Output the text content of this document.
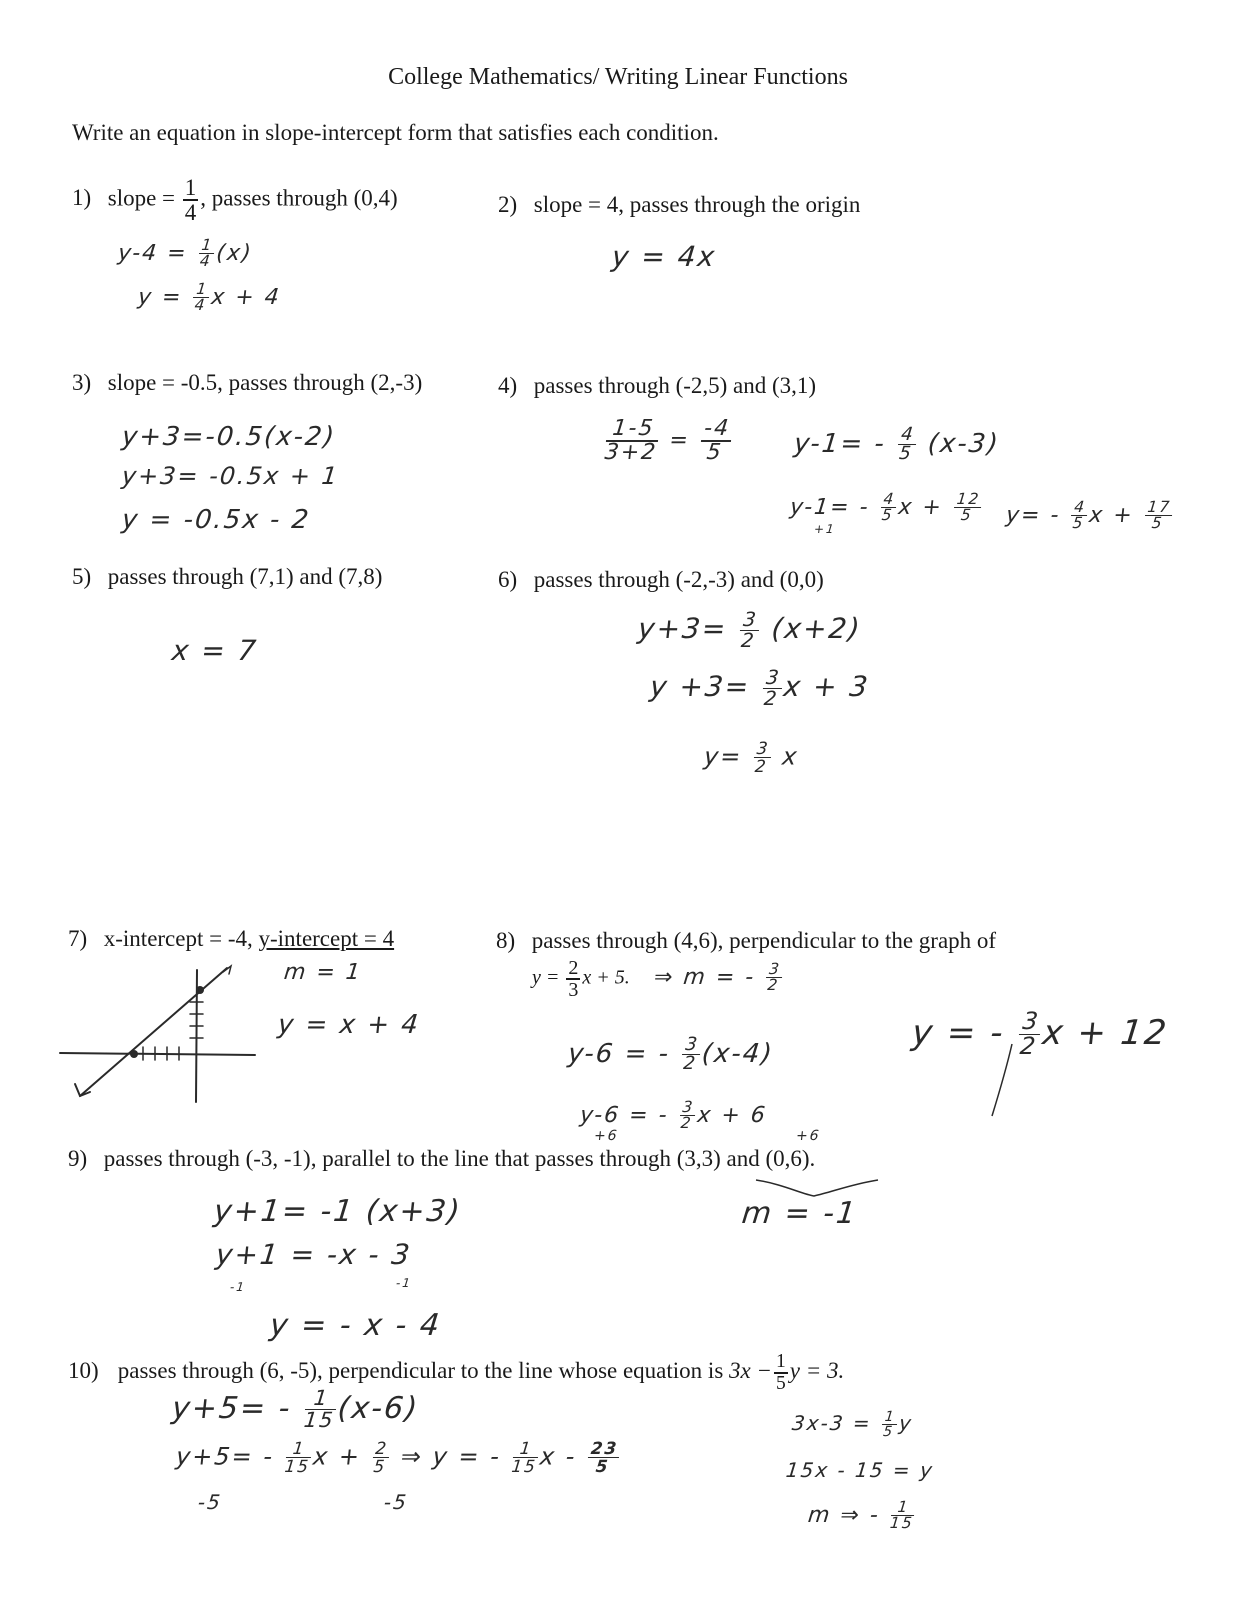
College Mathematics/ Writing Linear Functions
Write an equation in slope-intercept form that satisfies each condition.
1) slope = $\frac{1}{4}$ , passes through (0,4)
$y-4 = \frac{1}{4} (x)$
$y = \frac{1}{4}$ x + 4
2) slope = 4, passes through the origin
y = 4x
3) slope = -0.5, passes through (2,-3)
y+3=-0.5(x-2)
y+3= -0.5x + 1
y = -0.5x - 2
4) passes through (-2,5) and (3,1)
$\frac{1-5}{3+2} = \frac{-4}{5} y-1= - \frac{4}{5} (x-3)$
$y-1= - \frac{4}{5}$ $x + \frac{12}{5}$
+1
$y= - \frac{4}{5}$ $x + \frac{17}{5}$
5) passes through (7,1) and (7,8)
x = 7
6) passes through (-2,-3) and (0,0)
$y+3= \frac{3}{2} (x+2)$
$y +3= \frac{3}{2}$
x + 3
$y= \frac{3}{2}$ x
7) x-intercept = -4, y-intercept = 4
m = 1
y = x + 4
8) passes through (4,6), perpendicular to the graph of
$y = \frac{2}{3}$ x + 5. ⇒ m = - $\frac{3}{2}$
y-6 = - $\frac{3}{2}$
(x-4)
y-6 = - $\frac{3}{2}$ x + 6
+6	+6
y = - $\frac{3}{2}$
x + 12
9) passes through (-3, -1), parallel to the line that passes through (3,3) and (0,6).
y+1= -1 (x+3)
y+1 = -x - 3
-1	-1
y = - x - 4
m = -1
10) passes through (6, -5), perpendicular to the line whose equation is $3x - \frac{1}{5}$ y = 3.
$y+5= - \frac{1}{15}$
(x-6)
$y+5= - \frac{1}{15}$
$x + \frac{2}{5}$ ⇒ y = - $\frac{1}{15}$
x - $\frac{23}{5}$
-5	-5
$3x-3 = \frac{1}{5}$ y
15x - 15 = y
m ⇒ - $\frac{1}{15}$
